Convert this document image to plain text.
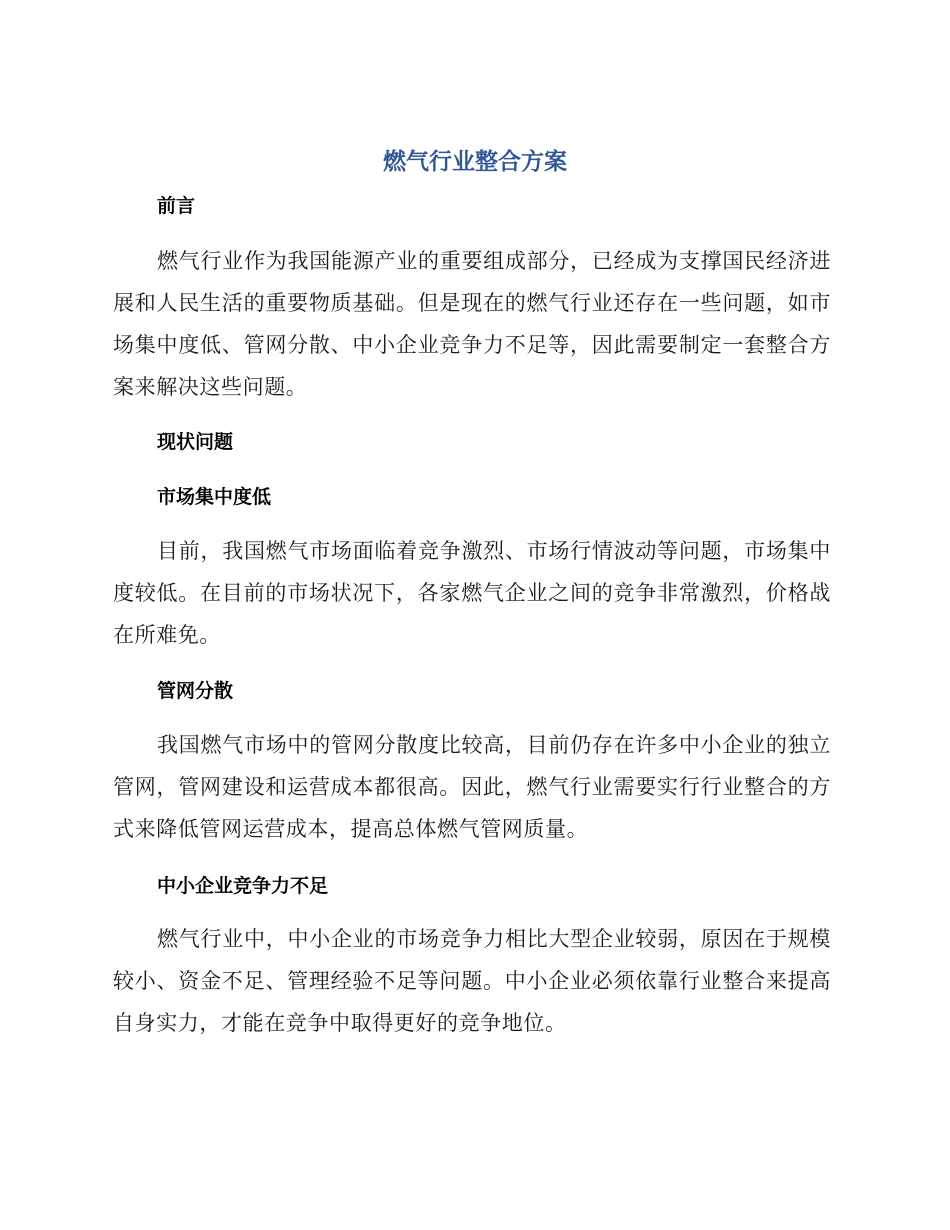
燃气行业整合方案
前言

燃气行业作为我国能源产业的重要组成部分，已经成为支撑国民经济进展和人民生活的重要物质基础。但是现在的燃气行业还存在一些问题，如市场集中度低、管网分散、中小企业竞争力不足等，因此需要制定一套整合方案来解决这些问题。

现状问题
市场集中度低

目前，我国燃气市场面临着竞争激烈、市场行情波动等问题，市场集中度较低。在目前的市场状况下，各家燃气企业之间的竞争非常激烈，价格战在所难免。

管网分散

我国燃气市场中的管网分散度比较高，目前仍存在许多中小企业的独立管网，管网建设和运营成本都很高。因此，燃气行业需要实行行业整合的方式来降低管网运营成本，提高总体燃气管网质量。

中小企业竞争力不足

燃气行业中，中小企业的市场竞争力相比大型企业较弱，原因在于规模较小、资金不足、管理经验不足等问题。中小企业必须依靠行业整合来提高自身实力，才能在竞争中取得更好的竞争地位。
